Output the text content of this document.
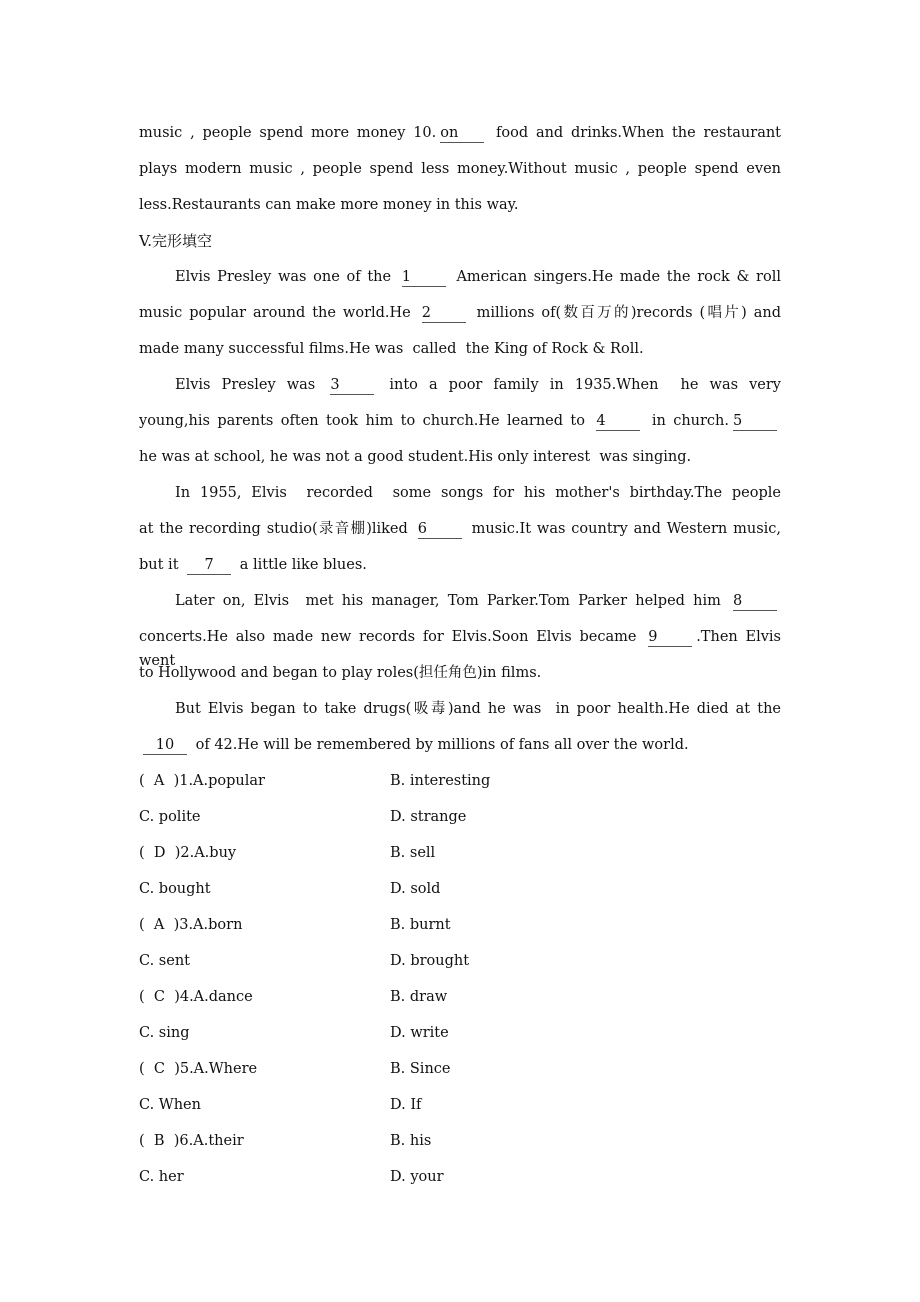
music , people spend more money 10. on food and drinks.When the restaurant
plays modern music , people spend less money.Without music , people spend even
less.Restaurants can make more money in this way.
V.完形填空
Elvis Presley was one of the 1	American singers.He made the rock & roll
music popular around the world.He 2	millions of(数百万的)records (唱片) and
made many successful films.He was  called  the King of Rock & Roll.
Elvis Presley was 3	into a poor family in 1935.When  he was very
young,his parents often took him to church.He learned to 4	in church. 5
he was at school, he was not a good student.His only interest  was singing.
In 1955, Elvis  recorded  some songs for his mother's birthday.The people
at the recording studio(录音棚)liked 6	music.It was country and Western music,
but it 7 a little like blues.
Later on, Elvis  met his manager, Tom Parker.Tom Parker helped him 8
concerts.He also made new records for Elvis.Soon Elvis became 9	.Then Elvis went
to Hollywood and began to play roles(担任角色)in films.
But Elvis began to take drugs(吸毒)and he was  in poor health.He died at the
10 of 42.He will be remembered by millions of fans all over the world.
(  A  )1.A.popular	B. interesting
C. polite	D. strange
(  D  )2.A.buy	B. sell
C. bought	D. sold
(  A  )3.A.born	B. burnt
C. sent	D. brought
(  C  )4.A.dance	B. draw
C. sing	D. write
(  C  )5.A.Where	B. Since
C. When	D. If
(  B  )6.A.their	B. his
C. her	D. your
